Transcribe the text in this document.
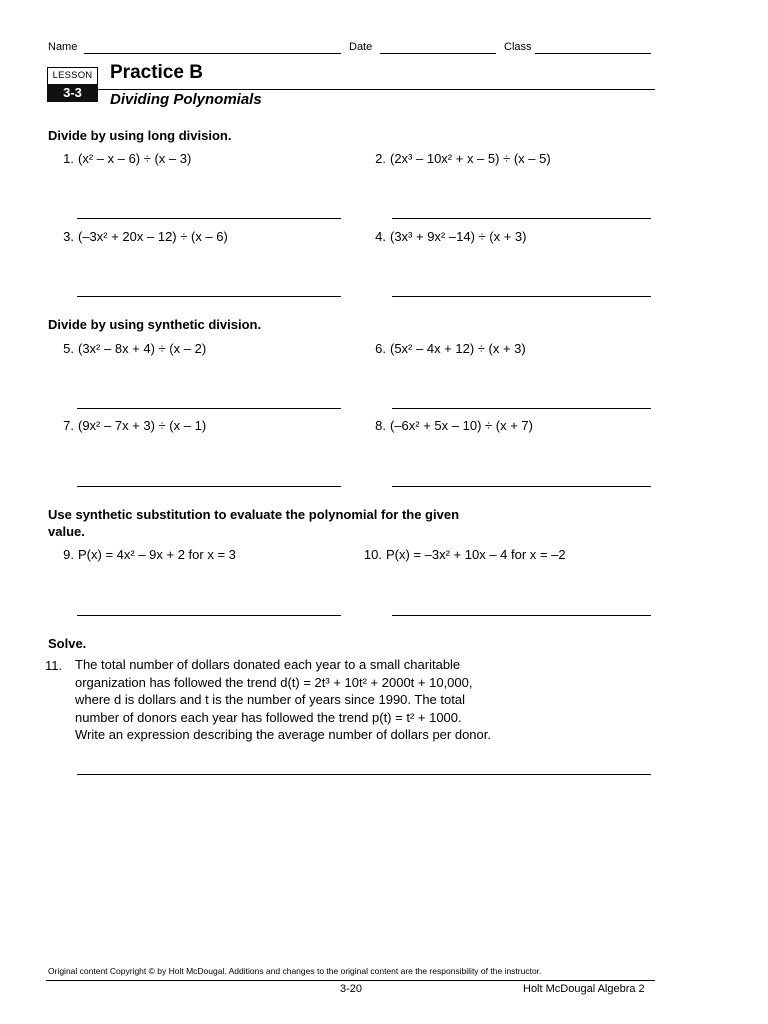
Name	Date	Class
LESSON
3-3
Practice B
Dividing Polynomials
Divide by using long division.
1. (x² – x – 6) ÷ (x – 3)	2. (2x³ – 10x² + x – 5) ÷ (x – 5)
3. (–3x² + 20x – 12) ÷ (x – 6)	4. (3x³ + 9x² –14) ÷ (x + 3)
Divide by using synthetic division.
5. (3x² – 8x + 4) ÷ (x – 2)	6. (5x² – 4x + 12) ÷ (x + 3)
7. (9x² – 7x + 3) ÷ (x – 1)	8. (–6x² + 5x – 10) ÷ (x + 7)
Use synthetic substitution to evaluate the polynomial for the given
value.
9. P(x) = 4x² – 9x + 2 for x = 3	10. P(x) = –3x² + 10x – 4 for x = –2
Solve.
11. The total number of dollars donated each year to a small charitable
organization has followed the trend d(t) = 2t³ + 10t² + 2000t + 10,000,
where d is dollars and t is the number of years since 1990. The total
number of donors each year has followed the trend p(t) = t² + 1000.
Write an expression describing the average number of dollars per donor.
Original content Copyright © by Holt McDougal. Additions and changes to the original content are the responsibility of the instructor.
3-20	Holt McDougal Algebra 2
